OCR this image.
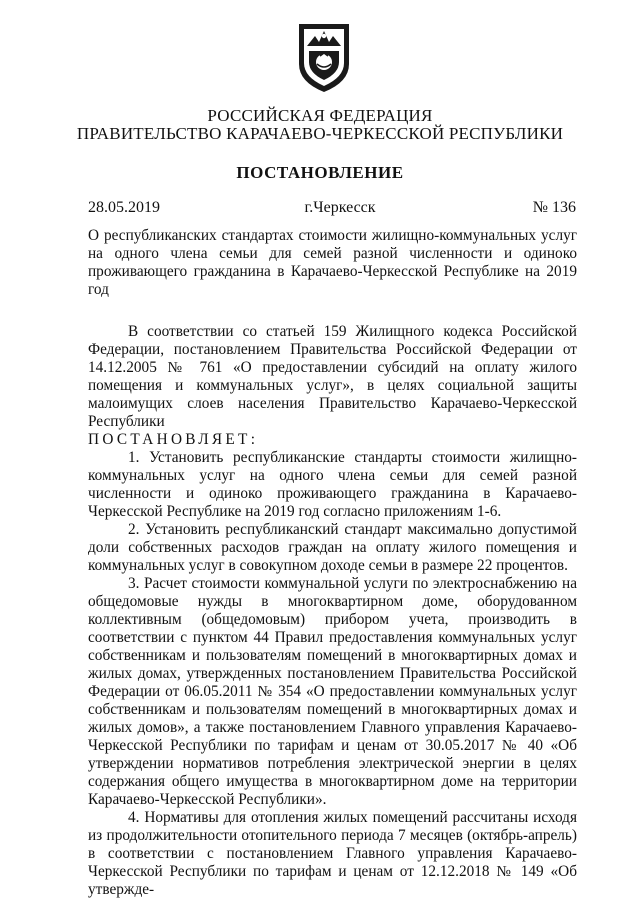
РОССИЙСКАЯ ФЕДЕРАЦИЯ
ПРАВИТЕЛЬСТВО КАРАЧАЕВО-ЧЕРКЕССКОЙ РЕСПУБЛИКИ
ПОСТАНОВЛЕНИЕ
28.05.2019	г.Черкесск	№ 136
О республиканских стандартах стоимости жилищно-коммунальных услуг на одного члена семьи для семей разной численности и одиноко проживающего гражданина в Карачаево-Черкесской Республике на 2019 год

В соответствии со статьей 159 Жилищного кодекса Российской Федерации, постановлением Правительства Российской Федерации от 14.12.2005 № 761 «О предоставлении субсидий на оплату жилого помещения и коммунальных услуг», в целях социальной защиты малоимущих слоев населения Правительство Карачаево-Черкесской Республики

ПОСТАНОВЛЯЕТ:

1. Установить республиканские стандарты стоимости жилищно-коммунальных услуг на одного члена семьи для семей разной численности и одиноко проживающего гражданина в Карачаево-Черкесской Республике на 2019 год согласно приложениям 1-6.

2. Установить республиканский стандарт максимально допустимой доли собственных расходов граждан на оплату жилого помещения и коммунальных услуг в совокупном доходе семьи в размере 22 процентов.

3. Расчет стоимости коммунальной услуги по электроснабжению на общедомовые нужды в многоквартирном доме, оборудованном коллективным (общедомовым) прибором учета, производить в соответствии с пунктом 44 Правил предоставления коммунальных услуг собственникам и пользователям помещений в многоквартирных домах и жилых домах, утвержденных постановлением Правительства Российской Федерации от 06.05.2011 № 354 «О предоставлении коммунальных услуг собственникам и пользователям помещений в многоквартирных домах и жилых домов», а также постановлением Главного управления Карачаево-Черкесской Республики по тарифам и ценам от 30.05.2017 № 40 «Об утверждении нормативов потребления электрической энергии в целях содержания общего имущества в многоквартирном доме на территории Карачаево-Черкесской Республики».

4. Нормативы для отопления жилых помещений рассчитаны исходя из продолжительности отопительного периода 7 месяцев (октябрь-апрель) в соответствии с постановлением Главного управления Карачаево-Черкесской Республики по тарифам и ценам от 12.12.2018 № 149 «Об утвержде-
